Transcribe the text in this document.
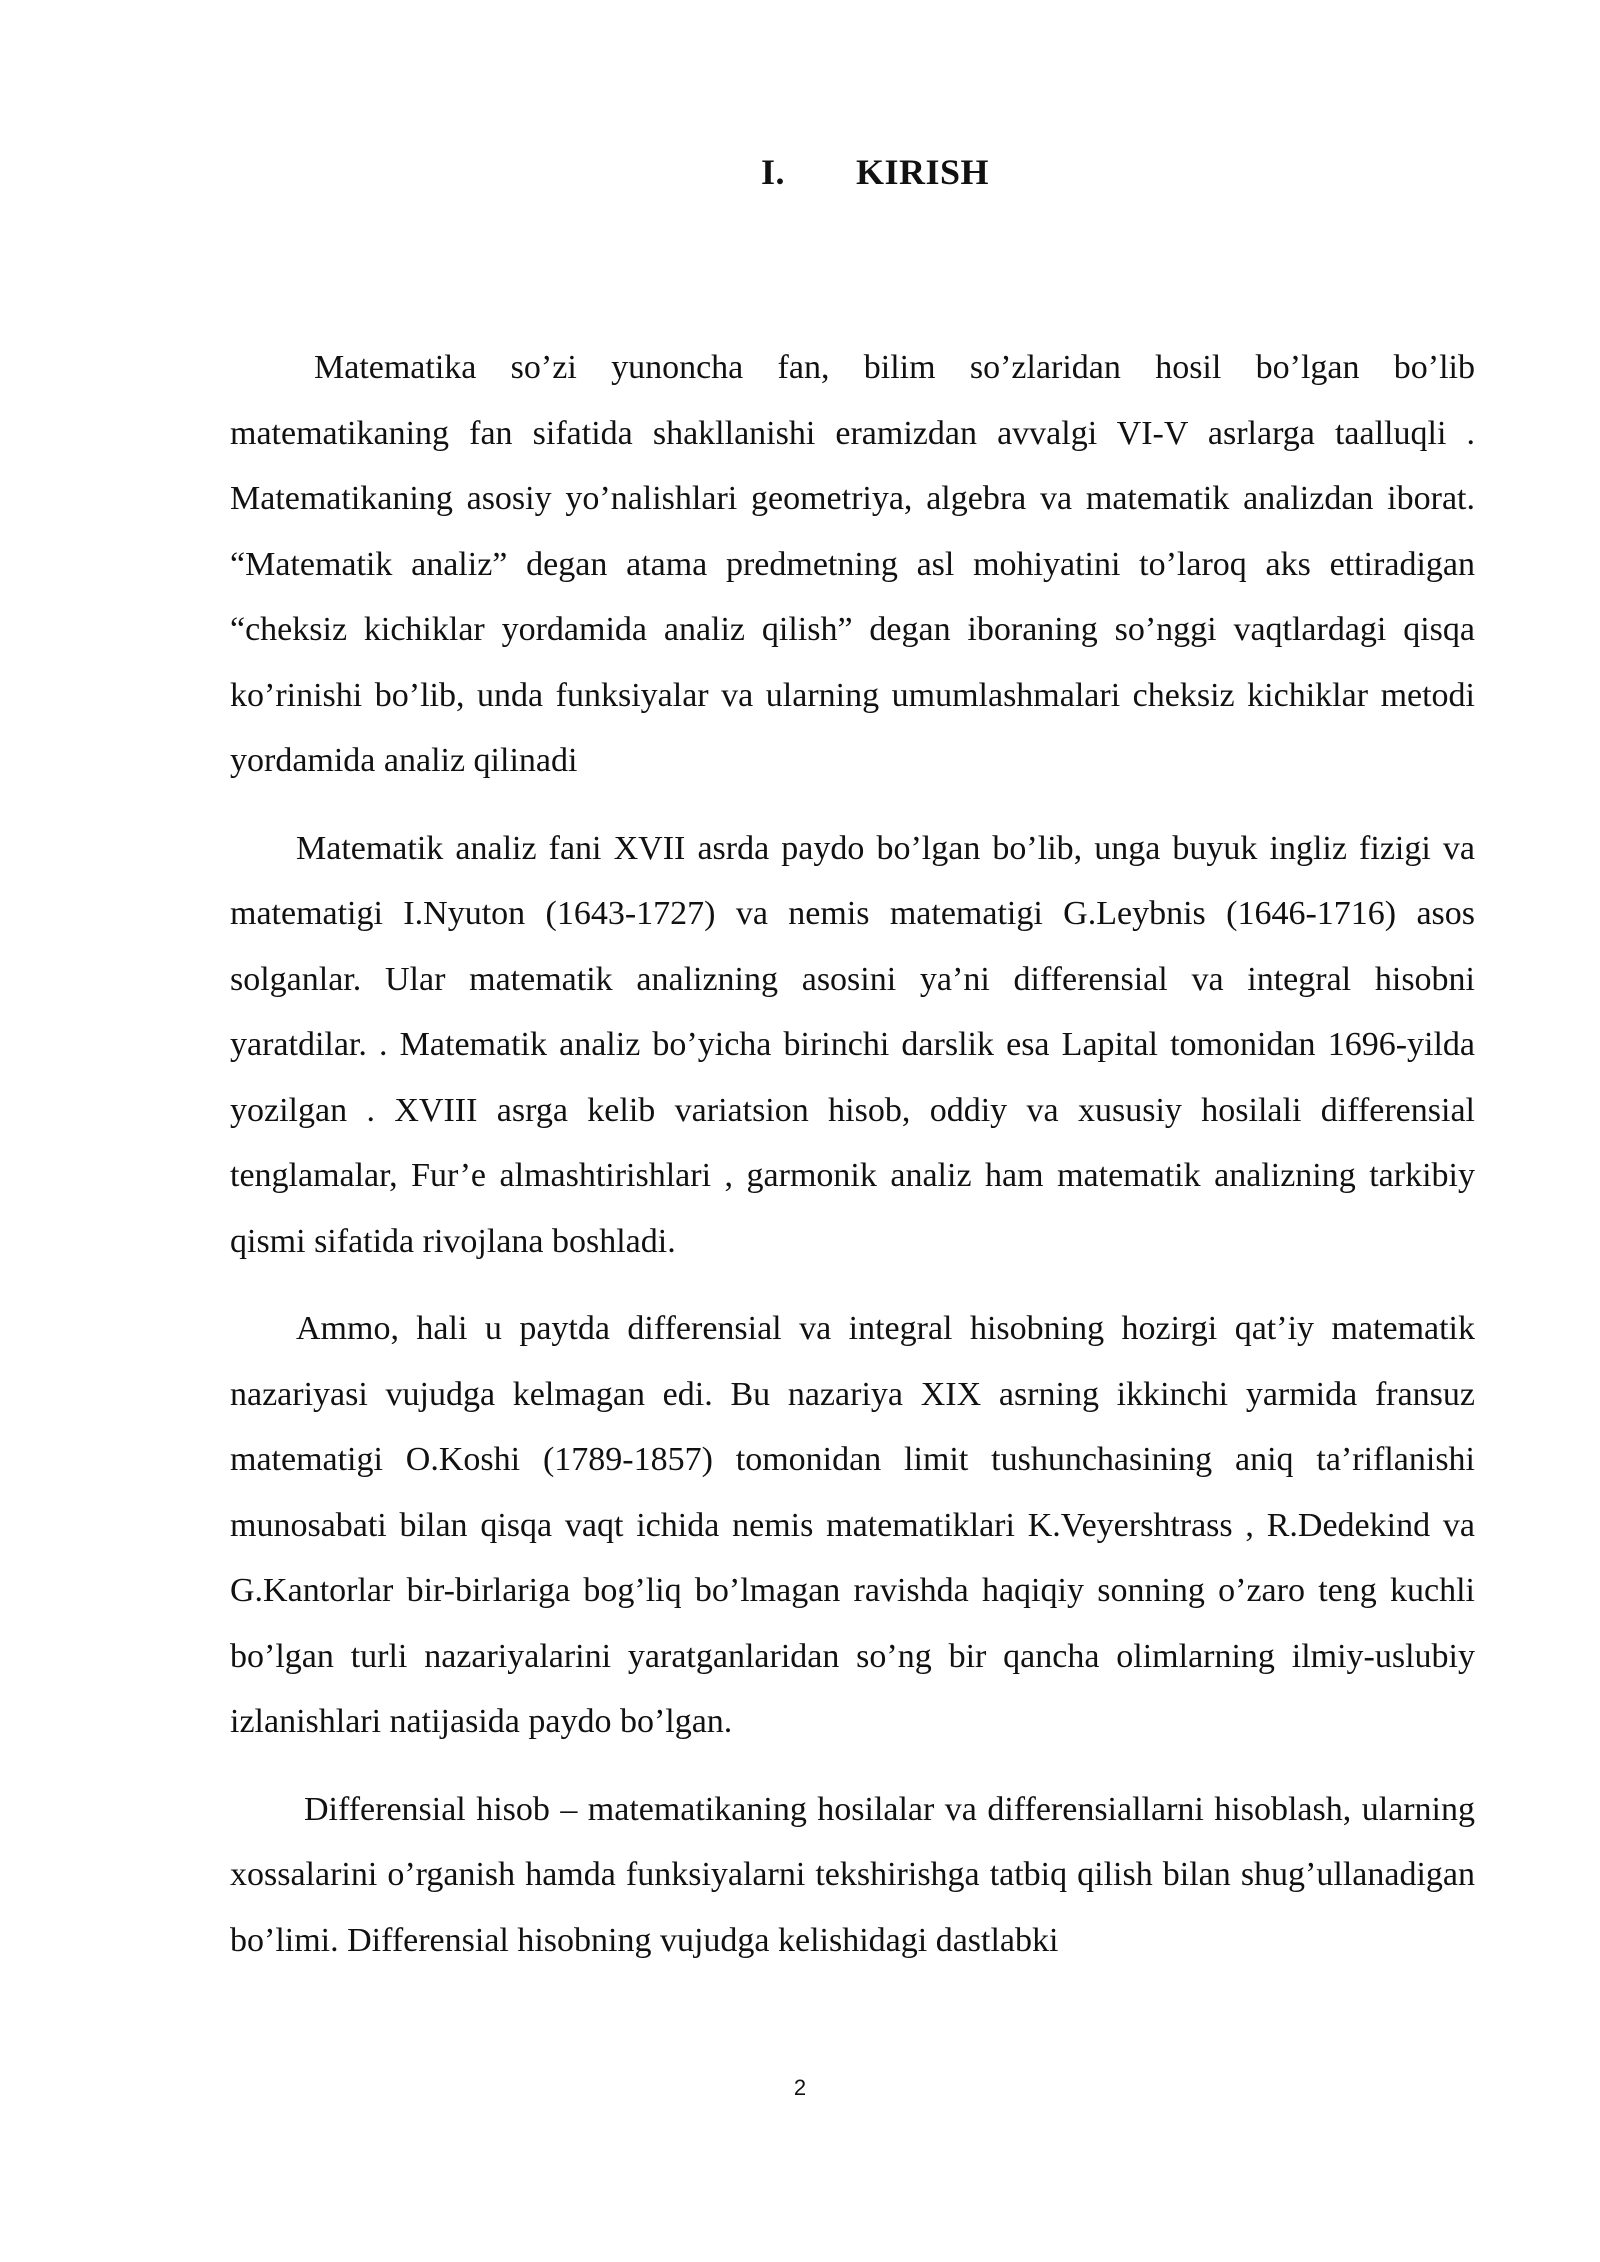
I.	KIRISH

Matematika so’zi yunoncha fan, bilim so’zlaridan hosil bo’lgan bo’lib matematikaning fan sifatida shakllanishi eramizdan avvalgi VI-V asrlarga taalluqli . Matematikaning asosiy yo’nalishlari geometriya, algebra va matematik analizdan iborat. “Matematik analiz” degan atama predmetning asl mohiyatini to’laroq aks ettiradigan “cheksiz kichiklar yordamida analiz qilish” degan iboraning so’nggi vaqtlardagi qisqa ko’rinishi bo’lib, unda funksiyalar va ularning umumlashmalari cheksiz kichiklar metodi yordamida analiz qilinadi

Matematik analiz fani XVII asrda paydo bo’lgan bo’lib, unga buyuk ingliz fizigi va matematigi I.Nyuton (1643-1727) va nemis matematigi G.Leybnis (1646-1716) asos solganlar. Ular matematik analizning asosini ya’ni differensial va integral hisobni yaratdilar. . Matematik analiz bo’yicha birinchi darslik esa Lapital tomonidan 1696-yilda yozilgan . XVIII asrga kelib variatsion hisob, oddiy va xususiy hosilali differensial tenglamalar, Fur’e almashtirishlari , garmonik analiz ham matematik analizning tarkibiy qismi sifatida rivojlana boshladi.

Ammo, hali u paytda differensial va integral hisobning hozirgi qat’iy matematik nazariyasi vujudga kelmagan edi. Bu nazariya XIX asrning ikkinchi yarmida fransuz matematigi O.Koshi (1789-1857) tomonidan limit tushunchasining aniq ta’riflanishi munosabati bilan qisqa vaqt ichida nemis matematiklari K.Veyershtrass , R.Dedekind va G.Kantorlar bir-birlariga bog’liq bo’lmagan ravishda haqiqiy sonning o’zaro teng kuchli bo’lgan turli nazariyalarini yaratganlaridan so’ng bir qancha olimlarning ilmiy-uslubiy izlanishlari natijasida paydo bo’lgan.

Differensial hisob – matematikaning hosilalar va differensiallarni hisoblash, ularning xossalarini o’rganish hamda funksiyalarni tekshirishga tatbiq qilish bilan shug’ullanadigan bo’limi. Differensial hisobning vujudga kelishidagi dastlabki

2
